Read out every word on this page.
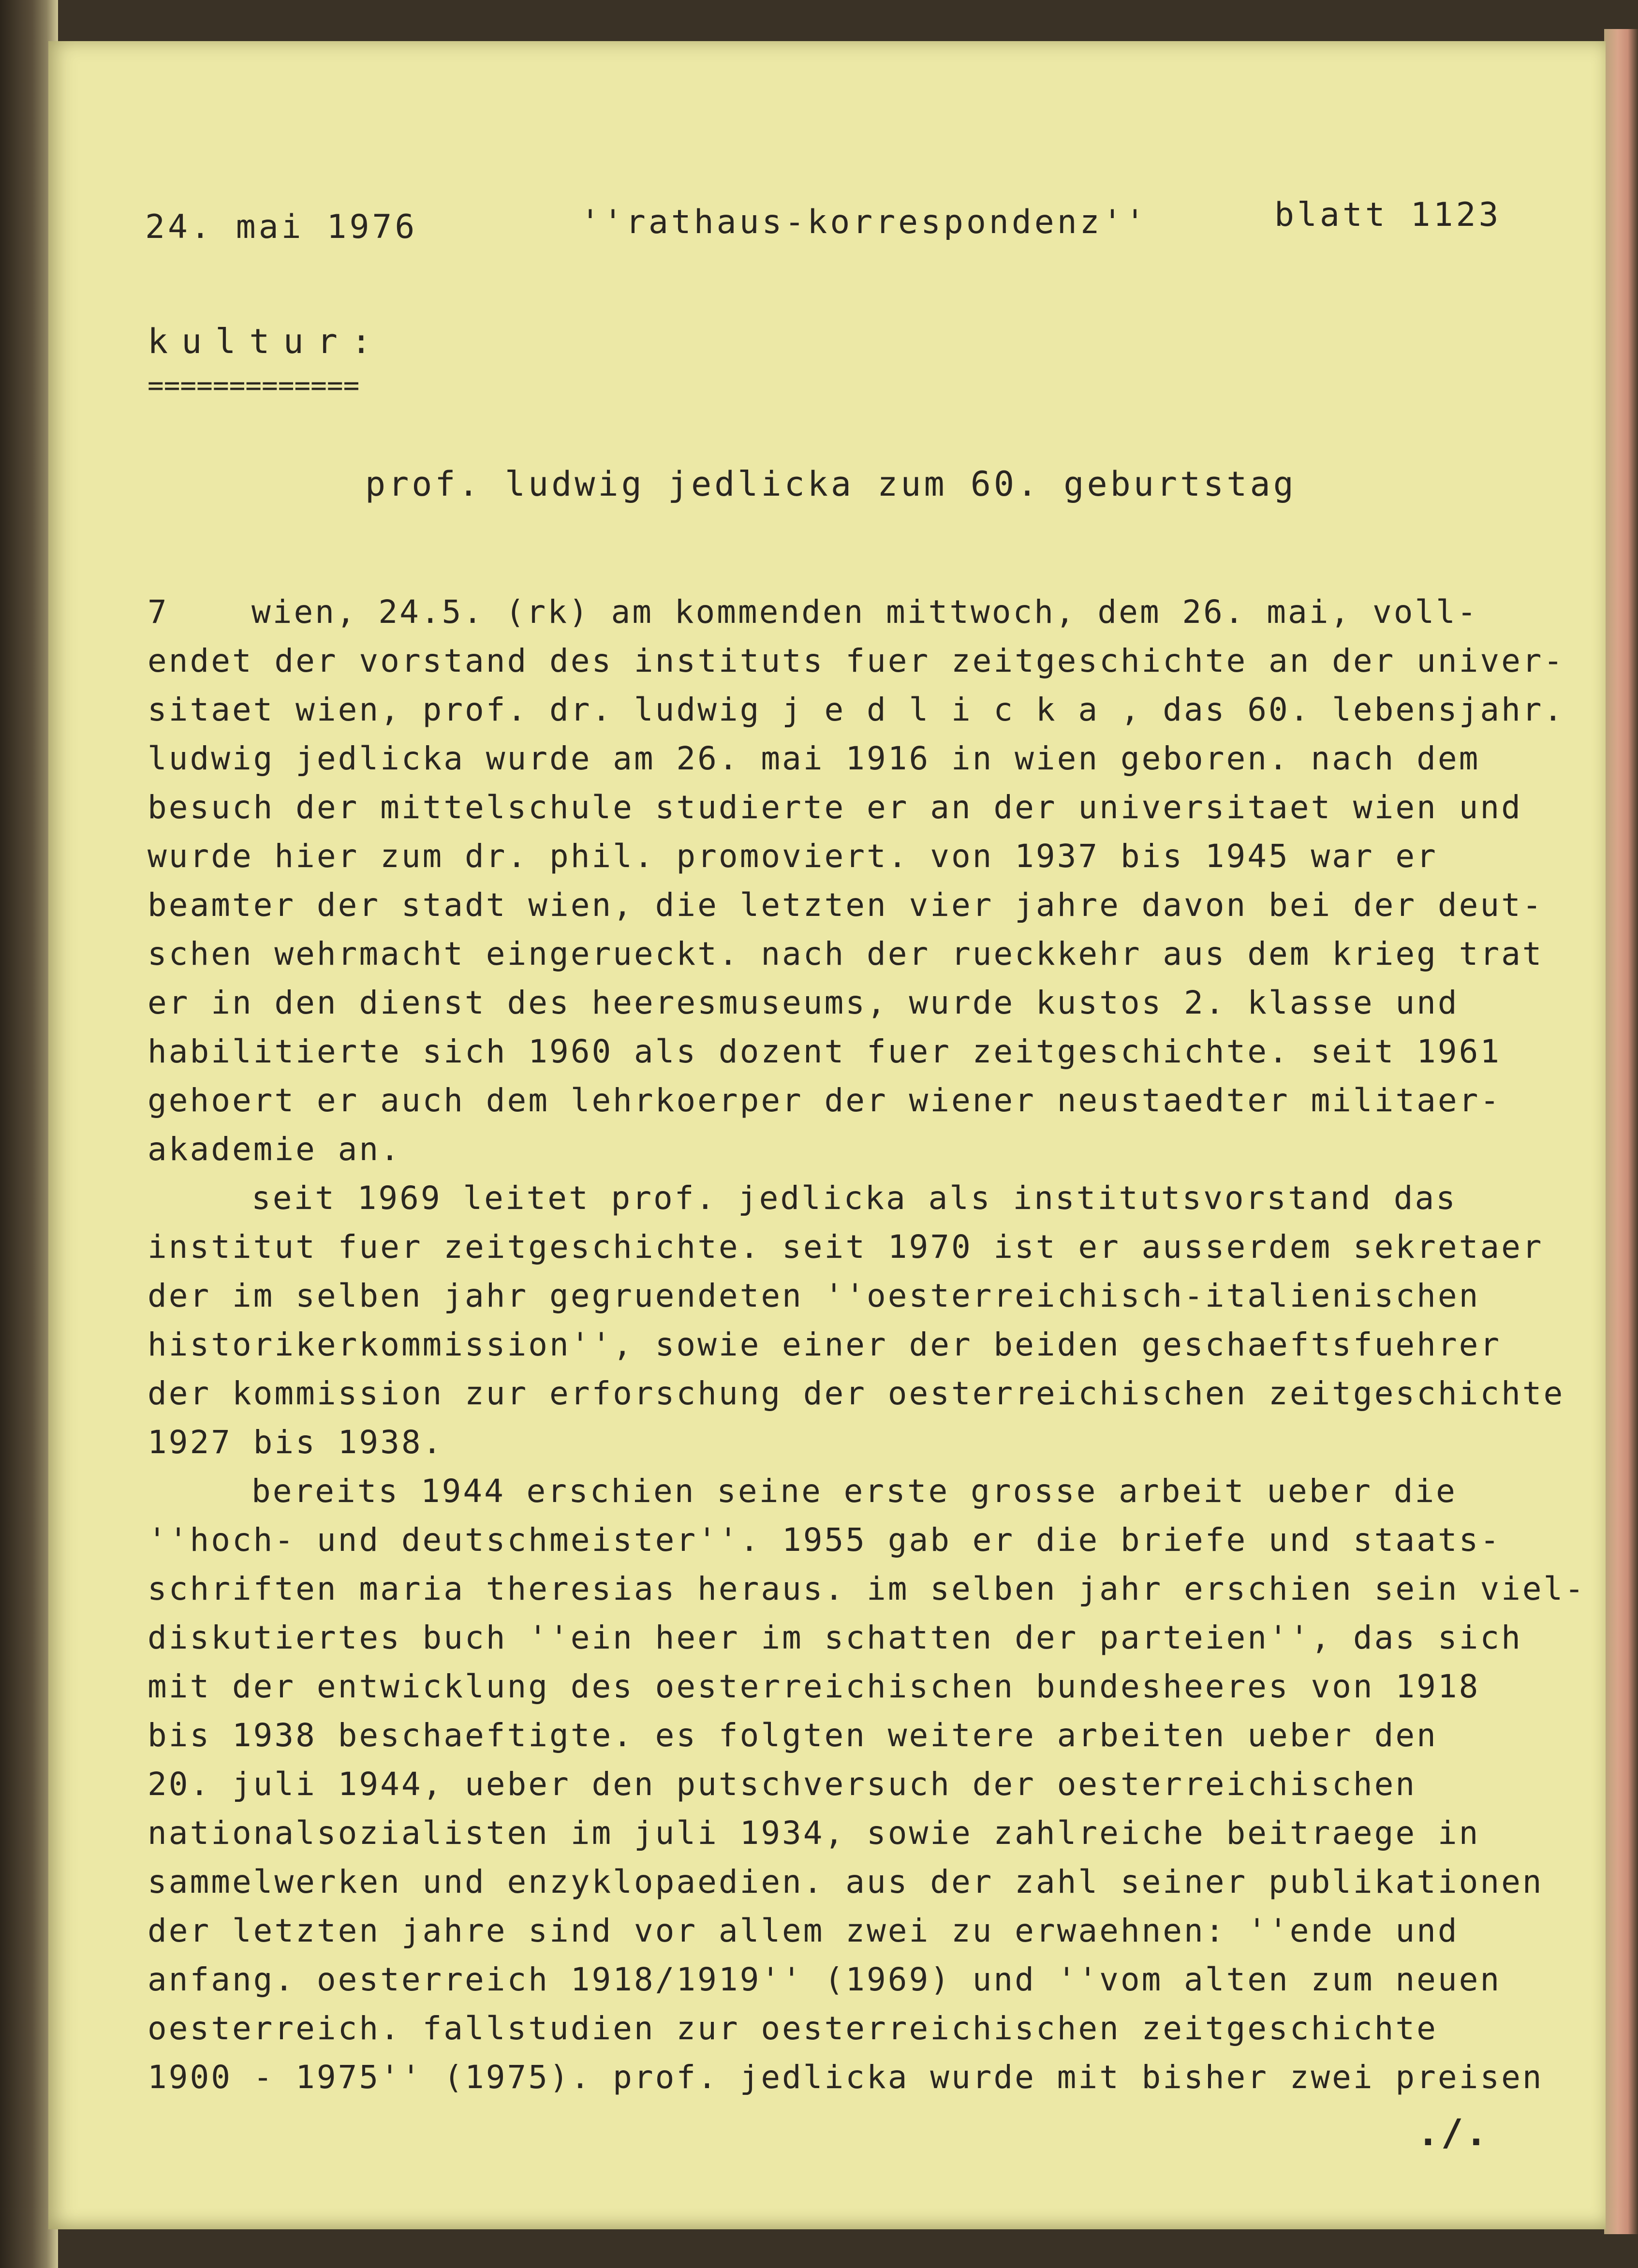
24. mai 1976	''rathaus-korrespondenz''	blatt 1123
kultur:
=============
prof. ludwig jedlicka zum 60. geburtstag
7	wien, 24.5. (rk) am kommenden mittwoch, dem 26. mai, voll-
endet der vorstand des instituts fuer zeitgeschichte an der univer-
sitaet wien, prof. dr. ludwig j e d l i c k a , das 60. lebensjahr.
ludwig jedlicka wurde am 26. mai 1916 in wien geboren. nach dem
besuch der mittelschule studierte er an der universitaet wien und
wurde hier zum dr. phil. promoviert. von 1937 bis 1945 war er
beamter der stadt wien, die letzten vier jahre davon bei der deut-
schen wehrmacht eingerueckt. nach der rueckkehr aus dem krieg trat
er in den dienst des heeresmuseums, wurde kustos 2. klasse und
habilitierte sich 1960 als dozent fuer zeitgeschichte. seit 1961
gehoert er auch dem lehrkoerper der wiener neustaedter militaer-
akademie an.
seit 1969 leitet prof. jedlicka als institutsvorstand das
institut fuer zeitgeschichte. seit 1970 ist er ausserdem sekretaer
der im selben jahr gegruendeten ''oesterreichisch-italienischen
historikerkommission'', sowie einer der beiden geschaeftsfuehrer
der kommission zur erforschung der oesterreichischen zeitgeschichte
1927 bis 1938.
bereits 1944 erschien seine erste grosse arbeit ueber die
''hoch- und deutschmeister''. 1955 gab er die briefe und staats-
schriften maria theresias heraus. im selben jahr erschien sein viel-
diskutiertes buch ''ein heer im schatten der parteien'', das sich
mit der entwicklung des oesterreichischen bundesheeres von 1918
bis 1938 beschaeftigte. es folgten weitere arbeiten ueber den
20. juli 1944, ueber den putschversuch der oesterreichischen
nationalsozialisten im juli 1934, sowie zahlreiche beitraege in
sammelwerken und enzyklopaedien. aus der zahl seiner publikationen
der letzten jahre sind vor allem zwei zu erwaehnen: ''ende und
anfang. oesterreich 1918/1919'' (1969) und ''vom alten zum neuen
oesterreich. fallstudien zur oesterreichischen zeitgeschichte
1900 - 1975'' (1975). prof. jedlicka wurde mit bisher zwei preisen
./.
